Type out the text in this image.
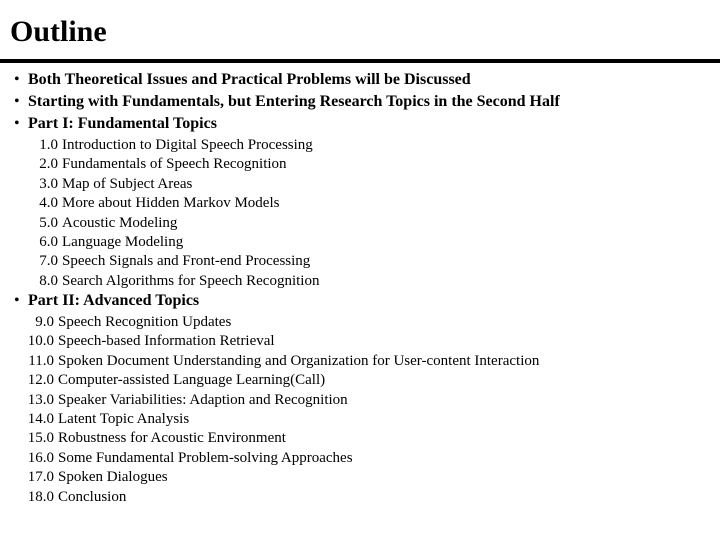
Outline
• Both Theoretical Issues and Practical Problems will be Discussed
• Starting with Fundamentals, but Entering Research Topics in the Second Half
• Part I: Fundamental Topics
1.0 Introduction to Digital Speech Processing
2.0 Fundamentals of Speech Recognition
3.0 Map of Subject Areas
4.0 More about Hidden Markov Models
5.0 Acoustic Modeling
6.0 Language Modeling
7.0 Speech Signals and Front-end Processing
8.0 Search Algorithms for Speech Recognition
• Part II: Advanced Topics
9.0 Speech Recognition Updates
10.0 Speech-based Information Retrieval
11.0 Spoken Document Understanding and Organization for User-content Interaction
12.0 Computer-assisted Language Learning(Call)
13.0 Speaker Variabilities: Adaption and Recognition
14.0 Latent Topic Analysis
15.0 Robustness for Acoustic Environment
16.0 Some Fundamental Problem-solving Approaches
17.0 Spoken Dialogues
18.0 Conclusion
